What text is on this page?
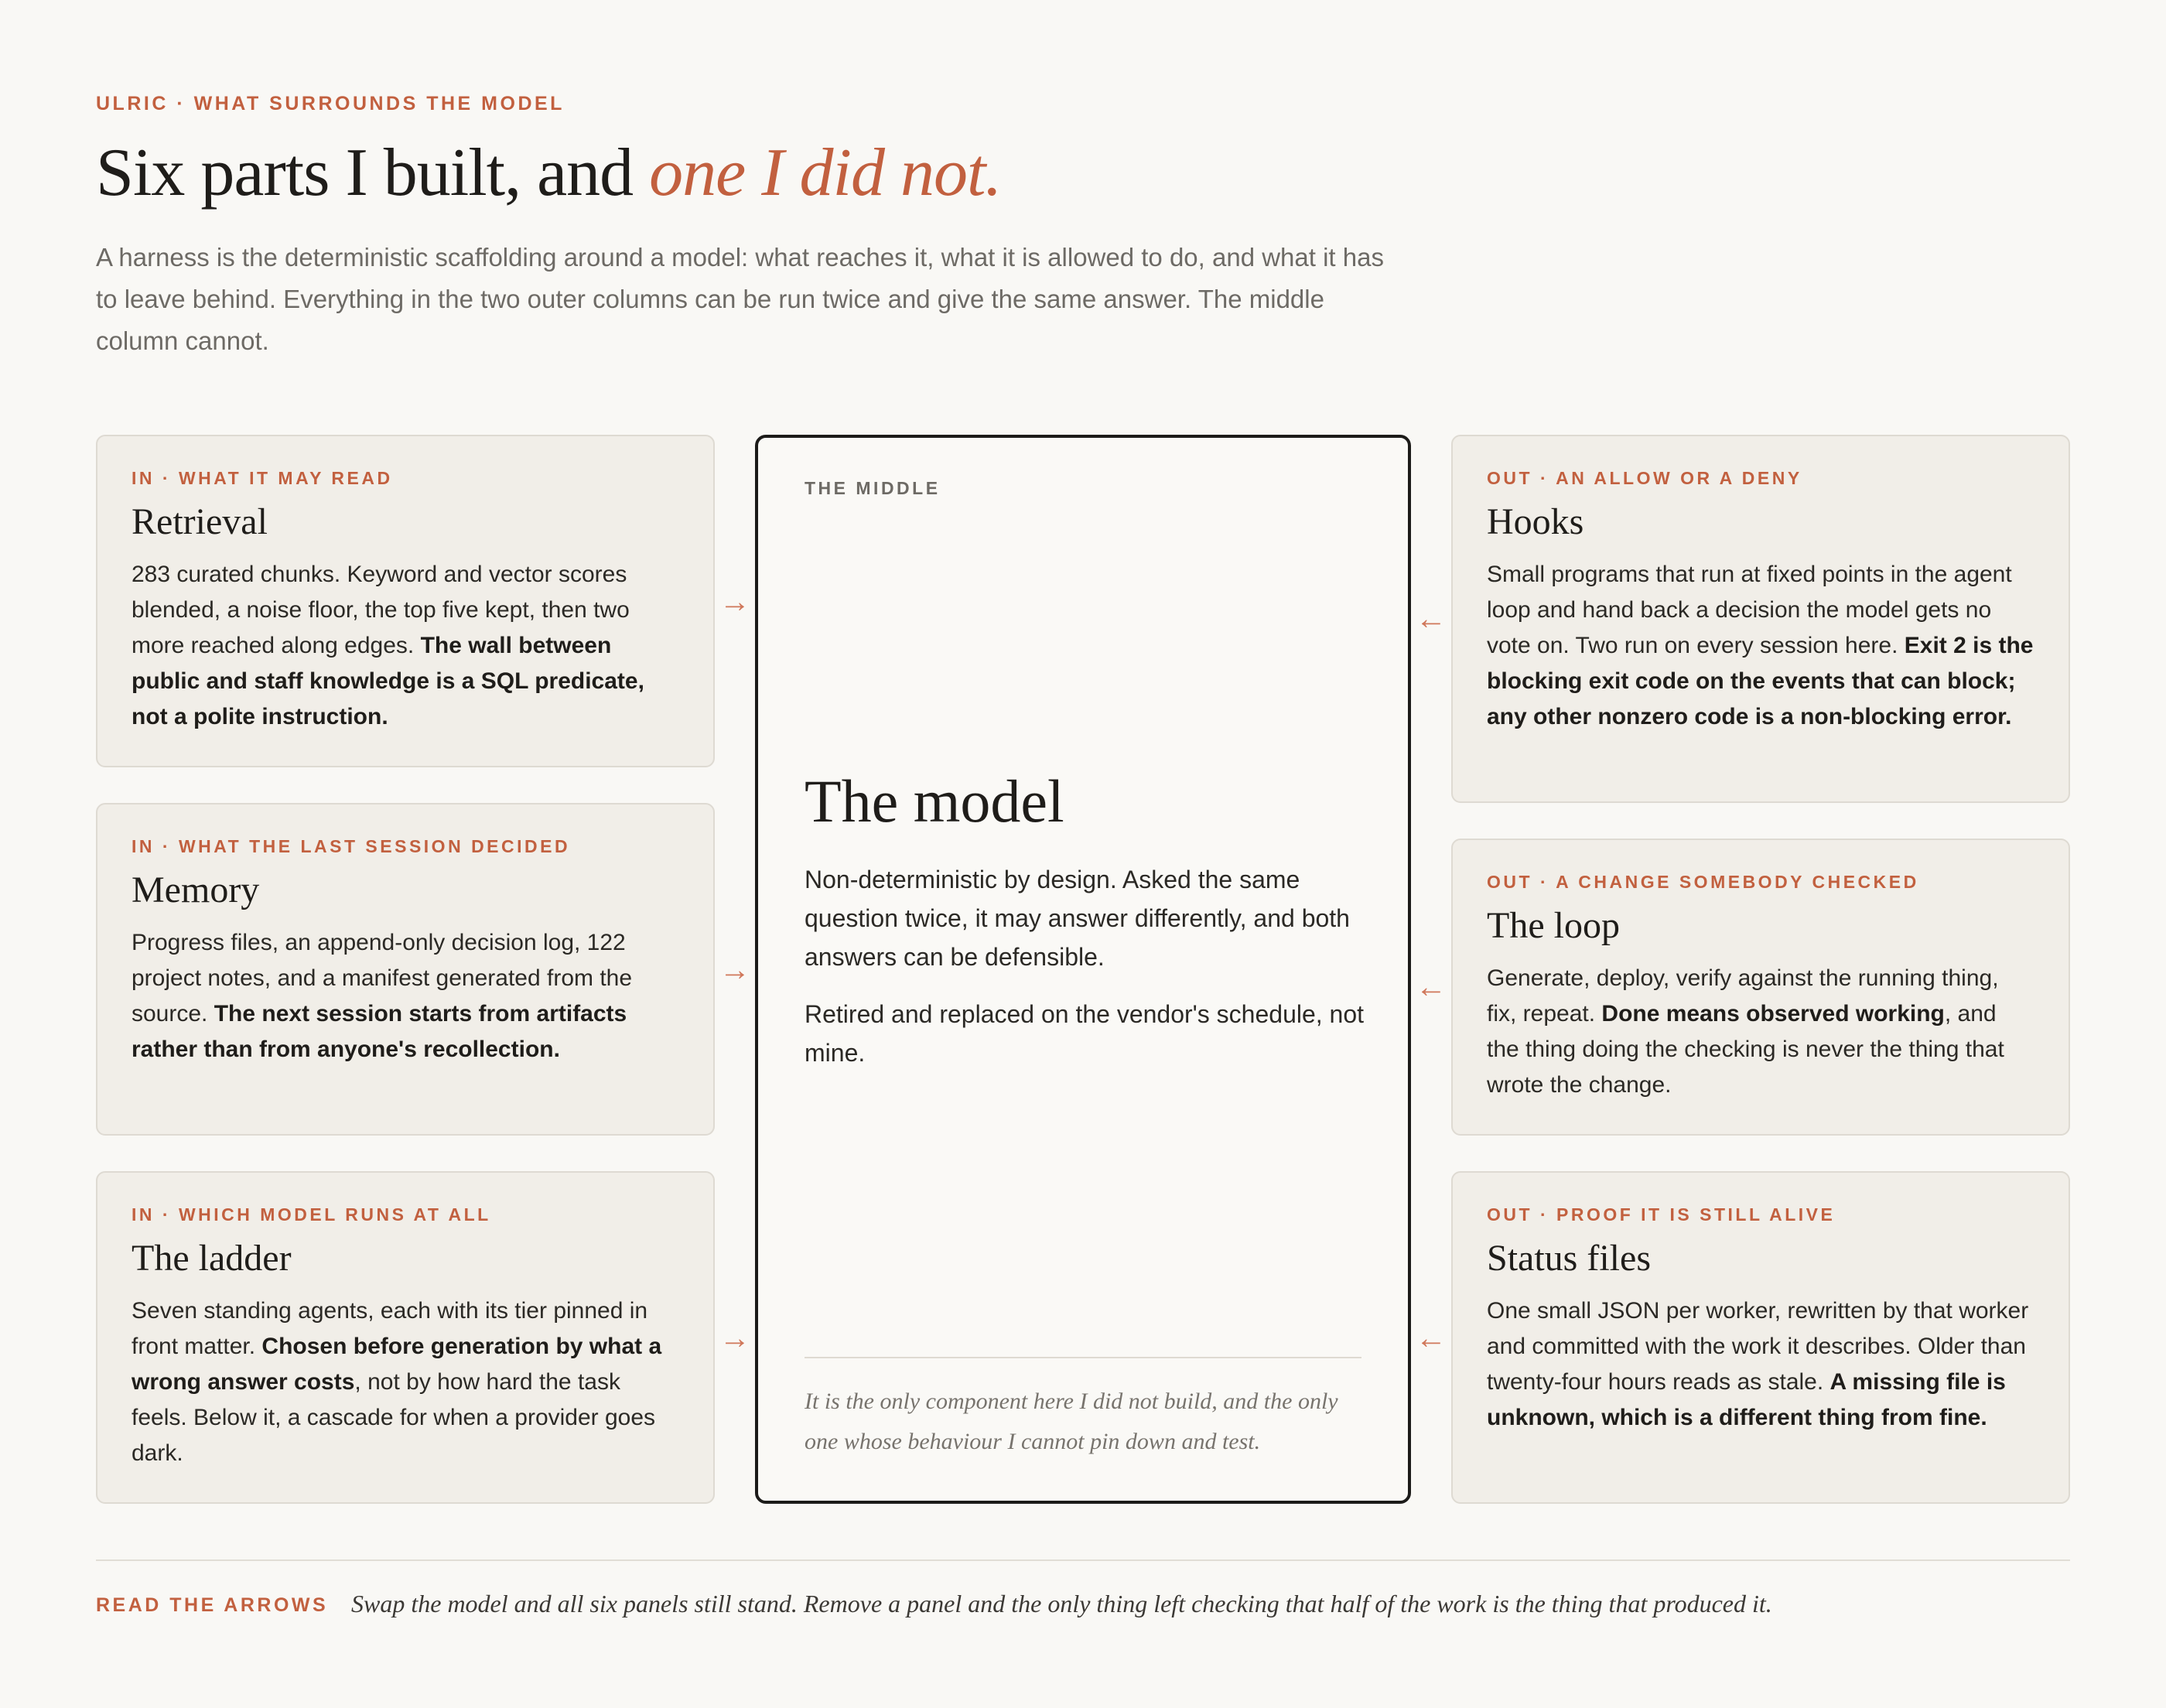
ULRIC · WHAT SURROUNDS THE MODEL
Six parts I built, and one I did not.

A harness is the deterministic scaffolding around a model: what reaches it, what it is allowed to do, and what it has to leave behind. Everything in the two outer columns can be run twice and give the same answer. The middle column cannot.

IN · WHAT IT MAY READ
Retrieval

283 curated chunks. Keyword and vector scores blended, a noise floor, the top five kept, then two more reached along edges. The wall between public and staff knowledge is a SQL predicate, not a polite instruction.

IN · WHAT THE LAST SESSION DECIDED
Memory

Progress files, an append-only decision log, 122 project notes, and a manifest generated from the source. The next session starts from artifacts rather than from anyone's recollection.

IN · WHICH MODEL RUNS AT ALL
The ladder

Seven standing agents, each with its tier pinned in front matter. Chosen before generation by what a wrong answer costs, not by how hard the task feels. Below it, a cascade for when a provider goes dark.

→
→
→
THE MIDDLE
The model

Non-deterministic by design. Asked the same question twice, it may answer differently, and both answers can be defensible.

Retired and replaced on the vendor's schedule, not mine.

It is the only component here I did not build, and the only one whose behaviour I cannot pin down and test.

←
←
←
OUT · AN ALLOW OR A DENY
Hooks

Small programs that run at fixed points in the agent loop and hand back a decision the model gets no vote on. Two run on every session here. Exit 2 is the blocking exit code on the events that can block; any other nonzero code is a non-blocking error.

OUT · A CHANGE SOMEBODY CHECKED
The loop

Generate, deploy, verify against the running thing, fix, repeat. Done means observed working, and the thing doing the checking is never the thing that wrote the change.

OUT · PROOF IT IS STILL ALIVE
Status files

One small JSON per worker, rewritten by that worker and committed with the work it describes. Older than twenty-four hours reads as stale. A missing file is unknown, which is a different thing from fine.

READ THE ARROWS Swap the model and all six panels still stand. Remove a panel and the only thing left checking that half of the work is the thing that produced it.
